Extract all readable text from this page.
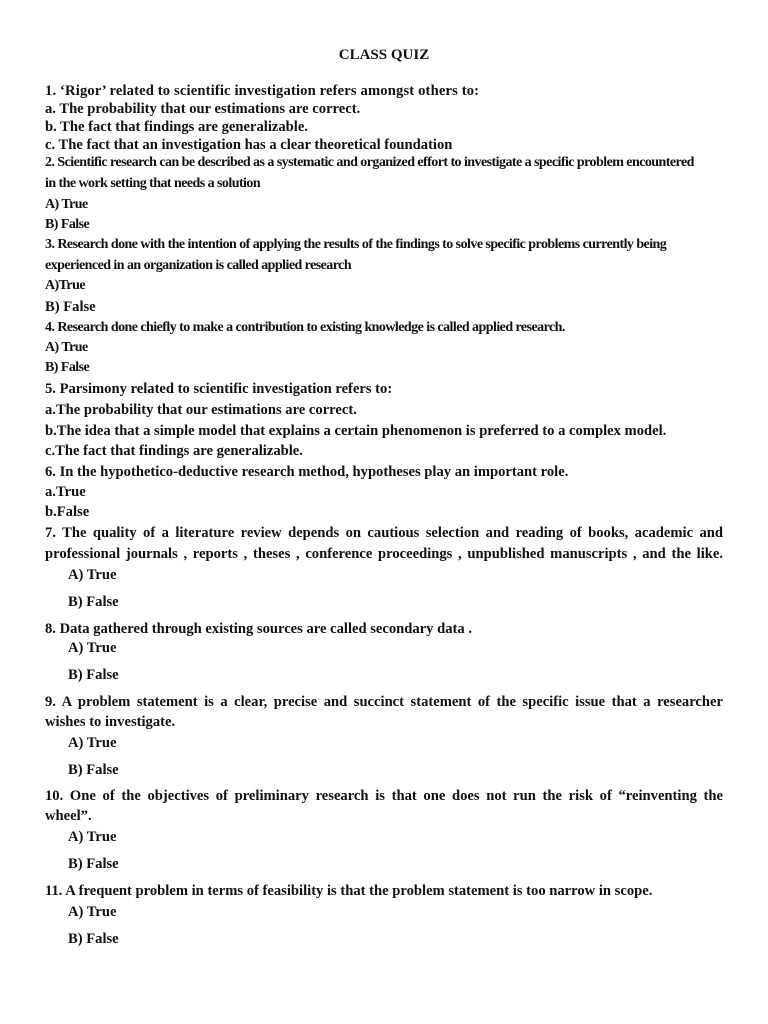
CLASS QUIZ
1. ‘Rigor’ related to scientific investigation refers amongst others to:
a. The probability that our estimations are correct.
b. The fact that findings are generalizable.
c. The fact that an investigation has a clear theoretical foundation
2. Scientific research can be described as a systematic and organized effort to investigate a specific problem encountered
in the work setting that needs a solution
A) True
B) False
3. Research done with the intention of applying the results of the findings to solve specific problems currently being
experienced in an organization is called applied research
A)True
B) False
4. Research done chiefly to make a contribution to existing knowledge is called applied research.
A) True
B) False
5. Parsimony related to scientific investigation refers to:
a.The probability that our estimations are correct.
b.The idea that a simple model that explains a certain phenomenon is preferred to a complex model.
c.The fact that findings are generalizable.
6. In the hypothetico-deductive research method, hypotheses play an important role.
a.True
b.False
7. The quality of a literature review depends on cautious selection and reading of books, academic and
professional journals , reports , theses , conference proceedings , unpublished manuscripts , and the like.
A) True
B) False
8. Data gathered through existing sources are called secondary data .
A) True
B) False
9. A problem statement is a clear, precise and succinct statement of the specific issue that a researcher
wishes to investigate.
A) True
B) False
10. One of the objectives of preliminary research is that one does not run the risk of “reinventing the
wheel”.
A) True
B) False
11. A frequent problem in terms of feasibility is that the problem statement is too narrow in scope.
A) True
B) False
